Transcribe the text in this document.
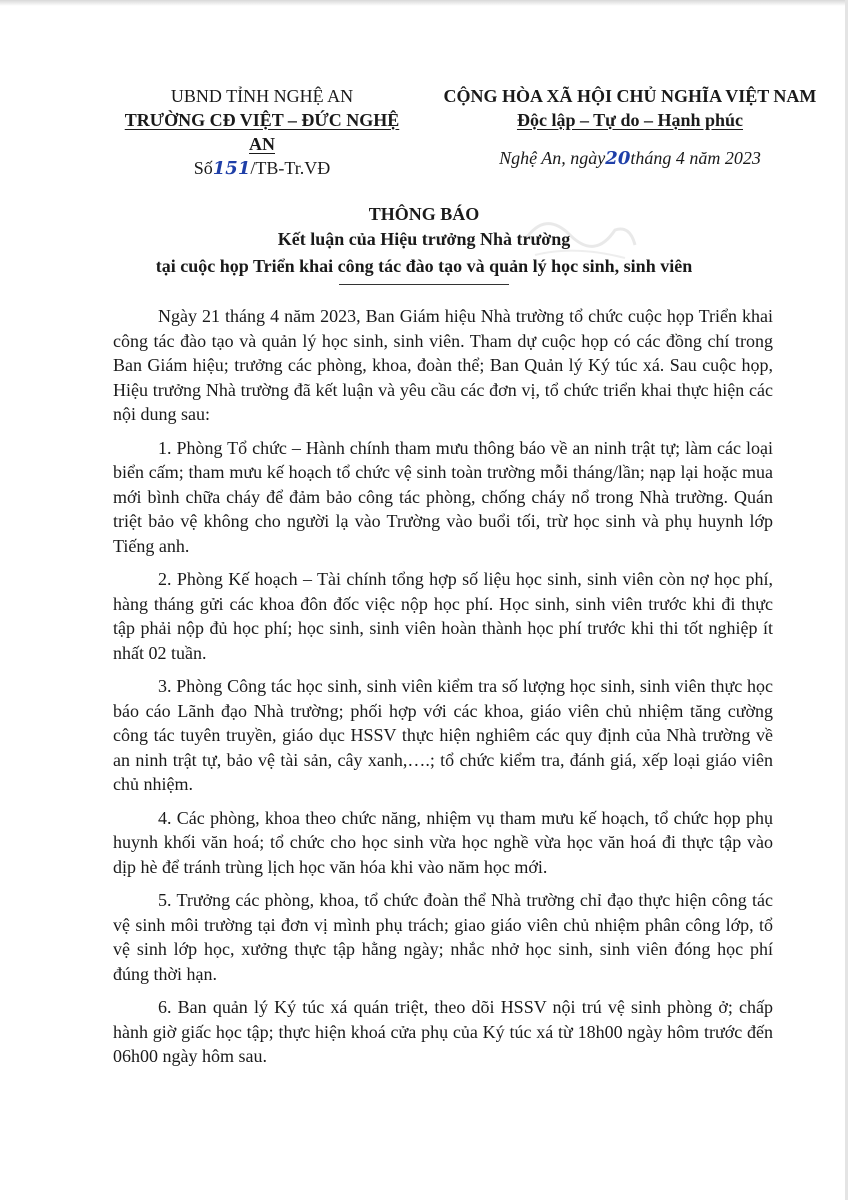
UBND TỈNH NGHỆ AN
TRƯỜNG CĐ VIỆT – ĐỨC NGHỆ AN
Số151/TB-Tr.VĐ
CỘNG HÒA XÃ HỘI CHỦ NGHĨA VIỆT NAM
Độc lập – Tự do – Hạnh phúc
Nghệ An, ngày20tháng 4 năm 2023
THÔNG BÁO
Kết luận của Hiệu trưởng Nhà trường
tại cuộc họp Triển khai công tác đào tạo và quản lý học sinh, sinh viên

Ngày 21 tháng 4 năm 2023, Ban Giám hiệu Nhà trường tổ chức cuộc họp Triển khai công tác đào tạo và quản lý học sinh, sinh viên. Tham dự cuộc họp có các đồng chí trong Ban Giám hiệu; trưởng các phòng, khoa, đoàn thể; Ban Quản lý Ký túc xá. Sau cuộc họp, Hiệu trưởng Nhà trường đã kết luận và yêu cầu các đơn vị, tổ chức triển khai thực hiện các nội dung sau:

1. Phòng Tổ chức – Hành chính tham mưu thông báo về an ninh trật tự; làm các loại biển cấm; tham mưu kế hoạch tổ chức vệ sinh toàn trường mỗi tháng/lần; nạp lại hoặc mua mới bình chữa cháy để đảm bảo công tác phòng, chống cháy nổ trong Nhà trường. Quán triệt bảo vệ không cho người lạ vào Trường vào buổi tối, trừ học sinh và phụ huynh lớp Tiếng anh.

2. Phòng Kế hoạch – Tài chính tổng hợp số liệu học sinh, sinh viên còn nợ học phí, hàng tháng gửi các khoa đôn đốc việc nộp học phí. Học sinh, sinh viên trước khi đi thực tập phải nộp đủ học phí; học sinh, sinh viên hoàn thành học phí trước khi thi tốt nghiệp ít nhất 02 tuần.

3. Phòng Công tác học sinh, sinh viên kiểm tra số lượng học sinh, sinh viên thực học báo cáo Lãnh đạo Nhà trường; phối hợp với các khoa, giáo viên chủ nhiệm tăng cường công tác tuyên truyền, giáo dục HSSV thực hiện nghiêm các quy định của Nhà trường về an ninh trật tự, bảo vệ tài sản, cây xanh,….; tổ chức kiểm tra, đánh giá, xếp loại giáo viên chủ nhiệm.

4. Các phòng, khoa theo chức năng, nhiệm vụ tham mưu kế hoạch, tổ chức họp phụ huynh khối văn hoá; tổ chức cho học sinh vừa học nghề vừa học văn hoá đi thực tập vào dịp hè để tránh trùng lịch học văn hóa khi vào năm học mới.

5. Trưởng các phòng, khoa, tổ chức đoàn thể Nhà trường chỉ đạo thực hiện công tác vệ sinh môi trường tại đơn vị mình phụ trách; giao giáo viên chủ nhiệm phân công lớp, tổ vệ sinh lớp học, xưởng thực tập hằng ngày; nhắc nhở học sinh, sinh viên đóng học phí đúng thời hạn.

6. Ban quản lý Ký túc xá quán triệt, theo dõi HSSV nội trú vệ sinh phòng ở; chấp hành giờ giấc học tập; thực hiện khoá cửa phụ của Ký túc xá từ 18h00 ngày hôm trước đến 06h00 ngày hôm sau.
